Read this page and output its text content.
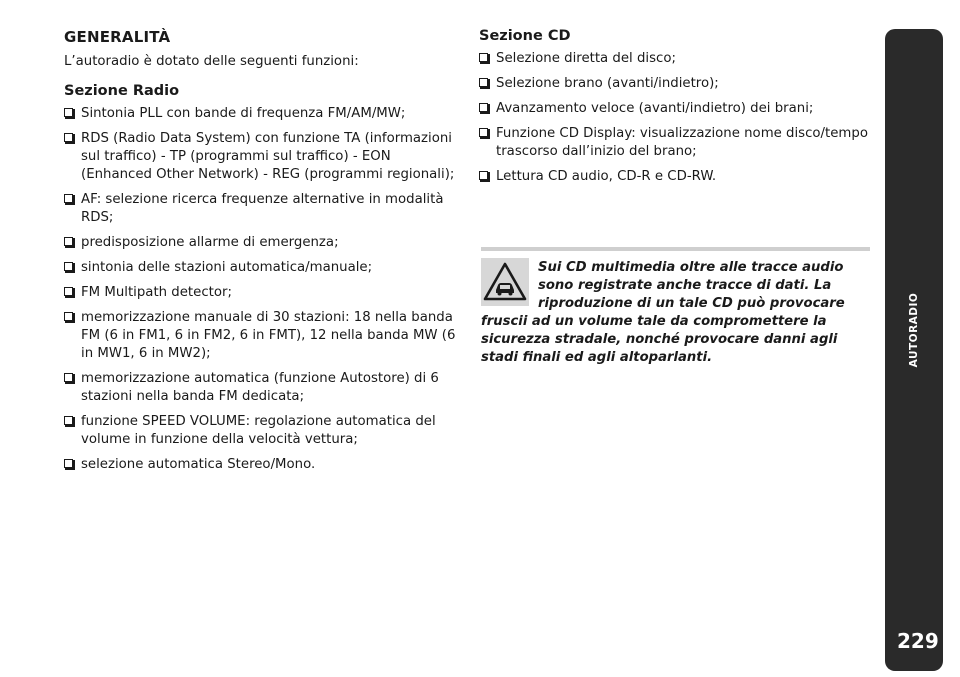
GENERALITÀ
L’autoradio è dotato delle seguenti funzioni:
Sezione Radio
Sintonia PLL con bande di frequenza FM/AM/MW;
RDS (Radio Data System) con funzione TA (informazioni sul traffico) - TP (programmi sul traffico) - EON (Enhanced Other Network) - REG (programmi regionali);
AF: selezione ricerca frequenze alternative in modalità RDS;
predisposizione allarme di emergenza;
sintonia delle stazioni automatica/manuale;
FM Multipath detector;
memorizzazione manuale di 30 stazioni: 18 nella banda FM (6 in FM1, 6 in FM2, 6 in FMT), 12 nella banda MW (6 in MW1, 6 in MW2);
memorizzazione automatica (funzione Autostore) di 6 stazioni nella banda FM dedicata;
funzione SPEED VOLUME: regolazione automatica del volume in funzione della velocità vettura;
selezione automatica Stereo/Mono.
Sezione CD
Selezione diretta del disco;
Selezione brano (avanti/indietro);
Avanzamento veloce (avanti/indietro) dei brani;
Funzione CD Display: visualizzazione nome disco/tempo trascorso dall’inizio del brano;
Lettura CD audio, CD-R e CD-RW.
Sui CD multimedia oltre alle tracce audio sono registrate anche tracce di dati. La riproduzione di un tale CD può provocare fruscii ad un volume tale da compromettere la sicurezza stradale, nonché provocare danni agli stadi finali ed agli altoparlanti.	AUTORADIO
229
